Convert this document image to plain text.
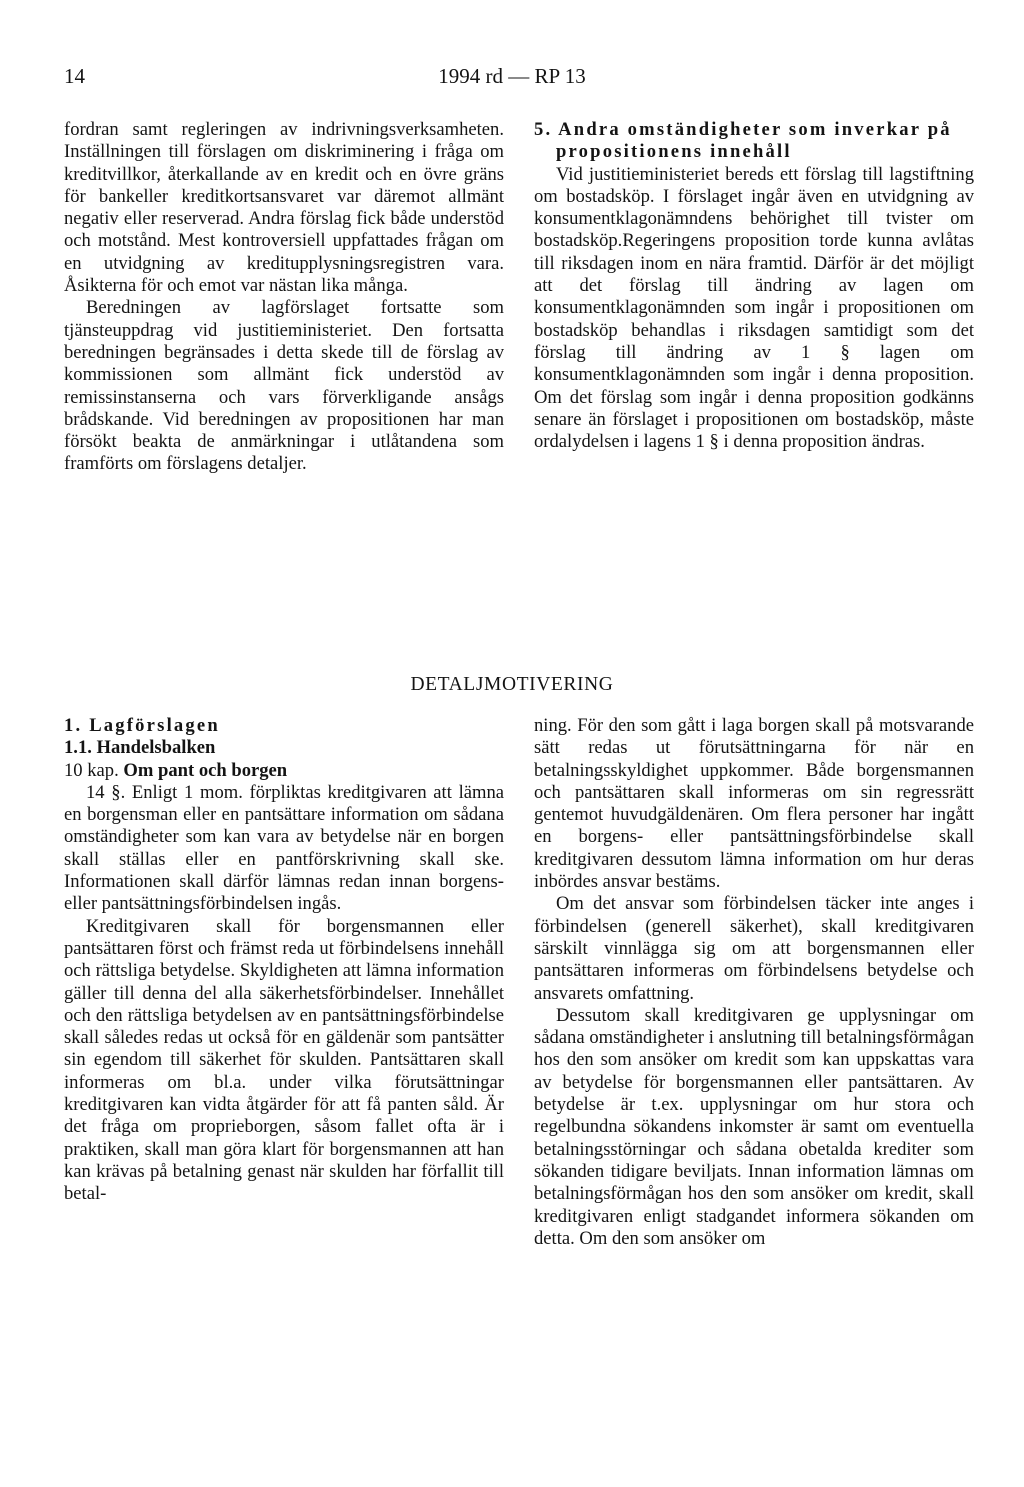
14	1994 rd — RP 13

fordran samt regleringen av indrivningsverksamheten. Inställningen till förslagen om diskriminering i fråga om kreditvillkor, återkallande av en kredit och en övre gräns för bankeller kreditkortsansvaret var däremot allmänt negativ eller reserverad. Andra förslag fick både understöd och motstånd. Mest kontroversiell uppfattades frågan om en utvidgning av kreditupplysningsregistren vara. Åsikterna för och emot var nästan lika många.

Beredningen av lagförslaget fortsatte som tjänsteuppdrag vid justitieministeriet. Den fortsatta beredningen begränsades i detta skede till de förslag av kommissionen som allmänt fick understöd av remissinstanserna och vars förverkligande ansågs brådskande. Vid beredningen av propositionen har man försökt beakta de anmärkningar i utlåtandena som framförts om förslagens detaljer.

5. Andra omständigheter som inverkar på propositionens innehåll

Vid justitieministeriet bereds ett förslag till lagstiftning om bostadsköp. I förslaget ingår även en utvidgning av konsumentklagonämndens behörighet till tvister om bostadsköp.Regeringens proposition torde kunna avlåtas till riksdagen inom en nära framtid. Därför är det möjligt att det förslag till ändring av lagen om konsumentklagonämnden som ingår i propositionen om bostadsköp behandlas i riksdagen samtidigt som det förslag till ändring av 1 § lagen om konsumentklagonämnden som ingår i denna proposition. Om det förslag som ingår i denna proposition godkänns senare än förslaget i propositionen om bostadsköp, måste ordalydelsen i lagens 1 § i denna proposition ändras.

DETALJMOTIVERING

1. Lagförslagen

1.1. Handelsbalken

10 kap. Om pant och borgen

14 §. Enligt 1 mom. förpliktas kreditgivaren att lämna en borgensman eller en pantsättare information om sådana omständigheter som kan vara av betydelse när en borgen skall ställas eller en pantförskrivning skall ske. Informationen skall därför lämnas redan innan borgens- eller pantsättningsförbindelsen ingås.

Kreditgivaren skall för borgensmannen eller pantsättaren först och främst reda ut förbindelsens innehåll och rättsliga betydelse. Skyldigheten att lämna information gäller till denna del alla säkerhetsförbindelser. Innehållet och den rättsliga betydelsen av en pantsättningsförbindelse skall således redas ut också för en gäldenär som pantsätter sin egendom till säkerhet för skulden. Pantsättaren skall informeras om bl.a. under vilka förutsättningar kreditgivaren kan vidta åtgärder för att få panten såld. Är det fråga om proprieborgen, såsom fallet ofta är i praktiken, skall man göra klart för borgensmannen att han kan krävas på betalning genast när skulden har förfallit till betal-

ning. För den som gått i laga borgen skall på motsvarande sätt redas ut förutsättningarna för när en betalningsskyldighet uppkommer. Både borgensmannen och pantsättaren skall informeras om sin regressrätt gentemot huvudgäldenären. Om flera personer har ingått en borgens- eller pantsättningsförbindelse skall kreditgivaren dessutom lämna information om hur deras inbördes ansvar bestäms.

Om det ansvar som förbindelsen täcker inte anges i förbindelsen (generell säkerhet), skall kreditgivaren särskilt vinnlägga sig om att borgensmannen eller pantsättaren informeras om förbindelsens betydelse och ansvarets omfattning.

Dessutom skall kreditgivaren ge upplysningar om sådana omständigheter i anslutning till betalningsförmågan hos den som ansöker om kredit som kan uppskattas vara av betydelse för borgensmannen eller pantsättaren. Av betydelse är t.ex. upplysningar om hur stora och regelbundna sökandens inkomster är samt om eventuella betalningsstörningar och sådana obetalda krediter som sökanden tidigare beviljats. Innan information lämnas om betalningsförmågan hos den som ansöker om kredit, skall kreditgivaren enligt stadgandet informera sökanden om detta. Om den som ansöker om
